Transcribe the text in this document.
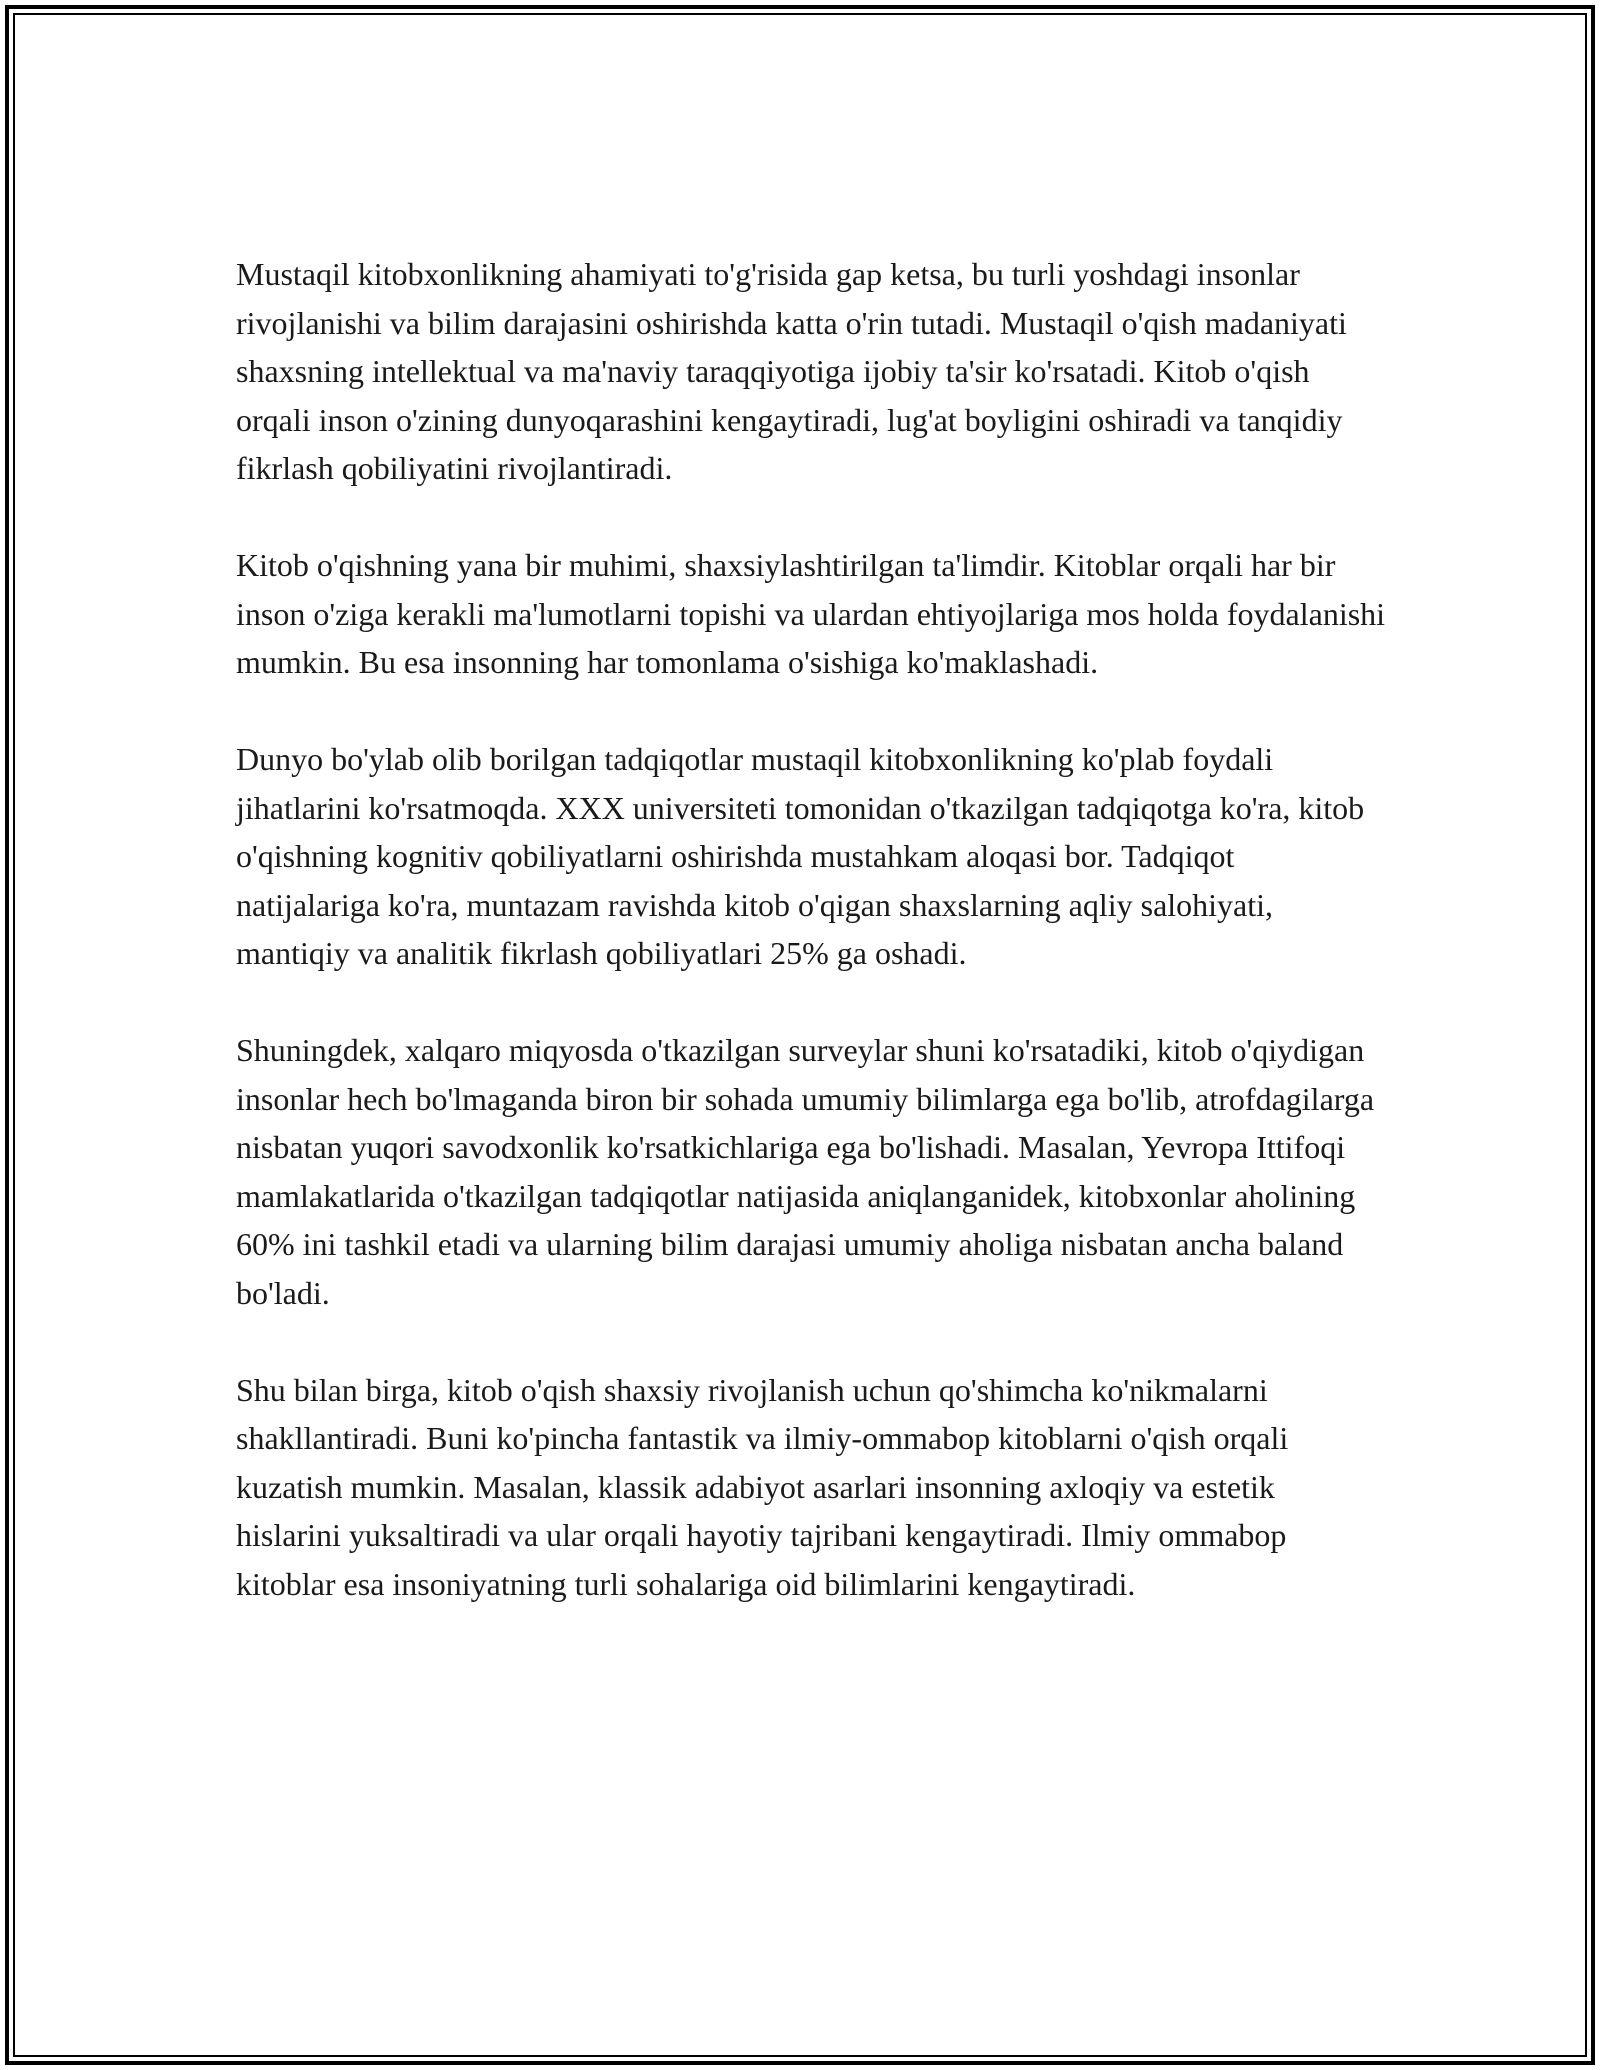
Mustaqil kitobxonlikning ahamiyati to'g'risida gap ketsa, bu turli yoshdagi insonlar rivojlanishi va bilim darajasini oshirishda katta o'rin tutadi. Mustaqil o'qish madaniyati shaxsning intellektual va ma'naviy taraqqiyotiga ijobiy ta'sir ko'rsatadi. Kitob o'qish orqali inson o'zining dunyoqarashini kengaytiradi, lug'at boyligini oshiradi va tanqidiy fikrlash qobiliyatini rivojlantiradi.

Kitob o'qishning yana bir muhimi, shaxsiylashtirilgan ta'limdir. Kitoblar orqali har bir inson o'ziga kerakli ma'lumotlarni topishi va ulardan ehtiyojlariga mos holda foydalanishi mumkin. Bu esa insonning har tomonlama o'sishiga ko'maklashadi.

Dunyo bo'ylab olib borilgan tadqiqotlar mustaqil kitobxonlikning ko'plab foydali jihatlarini ko'rsatmoqda. XXX universiteti tomonidan o'tkazilgan tadqiqotga ko'ra, kitob o'qishning kognitiv qobiliyatlarni oshirishda mustahkam aloqasi bor. Tadqiqot natijalariga ko'ra, muntazam ravishda kitob o'qigan shaxslarning aqliy salohiyati, mantiqiy va analitik fikrlash qobiliyatlari 25% ga oshadi.

Shuningdek, xalqaro miqyosda o'tkazilgan surveylar shuni ko'rsatadiki, kitob o'qiydigan insonlar hech bo'lmaganda biron bir sohada umumiy bilimlarga ega bo'lib, atrofdagilarga nisbatan yuqori savodxonlik ko'rsatkichlariga ega bo'lishadi. Masalan, Yevropa Ittifoqi mamlakatlarida o'tkazilgan tadqiqotlar natijasida aniqlanganidek, kitobxonlar aholining 60% ini tashkil etadi va ularning bilim darajasi umumiy aholiga nisbatan ancha baland bo'ladi.

Shu bilan birga, kitob o'qish shaxsiy rivojlanish uchun qo'shimcha ko'nikmalarni shakllantiradi. Buni ko'pincha fantastik va ilmiy-ommabop kitoblarni o'qish orqali kuzatish mumkin. Masalan, klassik adabiyot asarlari insonning axloqiy va estetik hislarini yuksaltiradi va ular orqali hayotiy tajribani kengaytiradi. Ilmiy ommabop kitoblar esa insoniyatning turli sohalariga oid bilimlarini kengaytiradi.
